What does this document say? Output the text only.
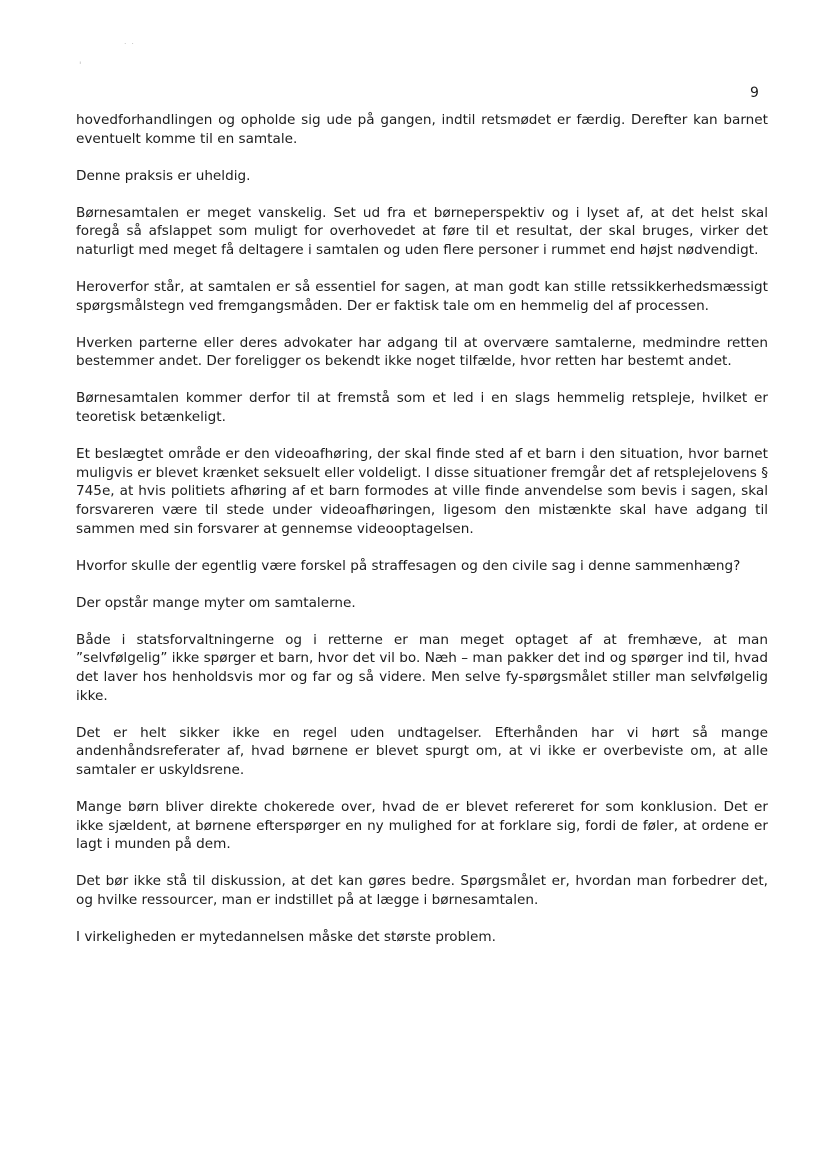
˙ ˙
'
9

hovedforhandlingen og opholde sig ude på gangen, indtil retsmødet er færdig. Derefter kan barnet eventuelt komme til en samtale.

Denne praksis er uheldig.

Børnesamtalen er meget vanskelig. Set ud fra et børneperspektiv og i lyset af, at det helst skal foregå så afslappet som muligt for overhovedet at føre til et resultat, der skal bruges, virker det naturligt med meget få deltagere i samtalen og uden flere personer i rummet end højst nødvendigt.

Heroverfor står, at samtalen er så essentiel for sagen, at man godt kan stille retssikkerhedsmæssigt spørgsmålstegn ved fremgangsmåden. Der er faktisk tale om en hemmelig del af processen.

Hverken parterne eller deres advokater har adgang til at overvære samtalerne, medmindre retten bestemmer andet. Der foreligger os bekendt ikke noget tilfælde, hvor retten har bestemt andet.

Børnesamtalen kommer derfor til at fremstå som et led i en slags hemmelig retspleje, hvilket er teoretisk betænkeligt.

Et beslægtet område er den videoafhøring, der skal finde sted af et barn i den situation, hvor barnet muligvis er blevet krænket seksuelt eller voldeligt. I disse situationer fremgår det af retsplejelovens § 745e, at hvis politiets afhøring af et barn formodes at ville finde anvendelse som bevis i sagen, skal forsvareren være til stede under videoafhøringen, ligesom den mistænkte skal have adgang til sammen med sin forsvarer at gennemse videooptagelsen.

Hvorfor skulle der egentlig være forskel på straffesagen og den civile sag i denne sammenhæng?

Der opstår mange myter om samtalerne.

Både i statsforvaltningerne og i retterne er man meget optaget af at fremhæve, at man ”selvfølgelig” ikke spørger et barn, hvor det vil bo. Næh – man pakker det ind og spørger ind til, hvad det laver hos henholdsvis mor og far og så videre. Men selve fy-spørgsmålet stiller man selvfølgelig ikke.

Det er helt sikker ikke en regel uden undtagelser. Efterhånden har vi hørt så mange andenhåndsreferater af, hvad børnene er blevet spurgt om, at vi ikke er overbeviste om, at alle samtaler er uskyldsrene.

Mange børn bliver direkte chokerede over, hvad de er blevet refereret for som konklusion. Det er ikke sjældent, at børnene efterspørger en ny mulighed for at forklare sig, fordi de føler, at ordene er lagt i munden på dem.

Det bør ikke stå til diskussion, at det kan gøres bedre. Spørgsmålet er, hvordan man forbedrer det, og hvilke ressourcer, man er indstillet på at lægge i børnesamtalen.

I virkeligheden er mytedannelsen måske det største problem.
